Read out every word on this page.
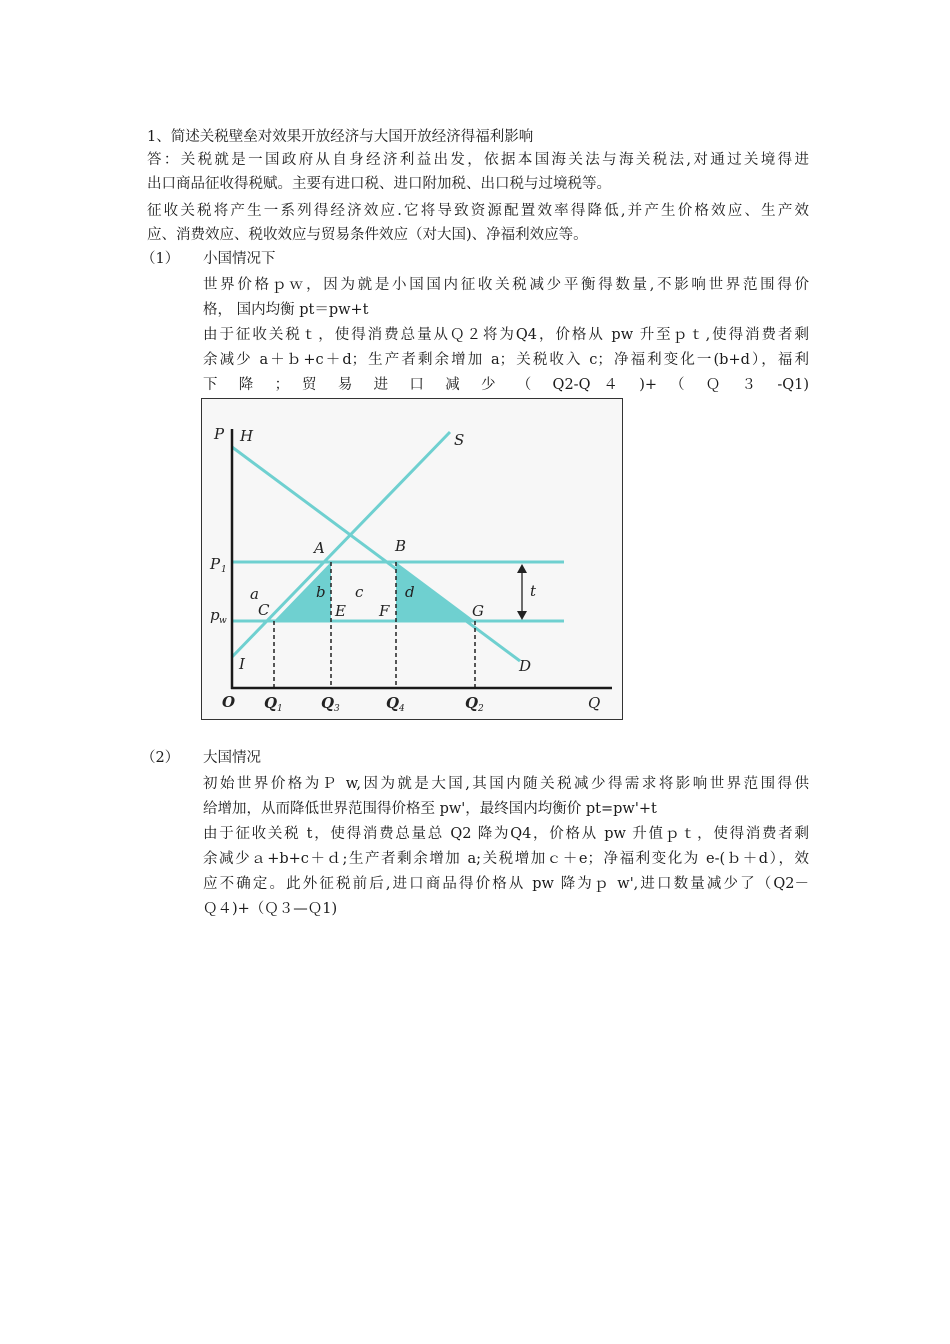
1、简述关税壁垒对效果开放经济与大国开放经济得福利影响
答：关税就是一国政府从自身经济利益出发，依据本国海关法与海关税法,对通过关境得进
出口商品征收得税赋。主要有进口税、进口附加税、出口税与过境税等。
征收关税将产生一系列得经济效应.它将导致资源配置效率得降低,并产生价格效应、生产效
应、消费效应、税收效应与贸易条件效应（对大国)、净福利效应等。
（1） 小国情况下
世界价格ｐｗ，因为就是小国国内征收关税减少平衡得数量,不影响世界范围得价
格， 国内均衡 pt＝pw+t
由于征收关税ｔ，使得消费总量从Ｑ２将为Q4，价格从 pw 升至ｐｔ,使得消费者剩
余减少 a＋ｂ+c＋d；生产者剩余增加 a；关税收入 c；净福利变化一(b+d），福利
下 降 ； 贸 易 进 口 减 少 （ Q2-Q ４ )+ （ Ｑ ３ -Q1)
P H	S
A	B
P 1
p w
a	b c	d
C	E F	G
t
I	D
O Q 1	Q 3	Q 4	Q 2	Q
（2） 大国情况
初始世界价格为Ｐ w,因为就是大国,其国内随关税减少得需求将影响世界范围得供
给增加，从而降低世界范围得价格至 pw'，最终国内均衡价 pt=pw'+t
由于征收关税 t，使得消费总量总 Q2 降为Q4，价格从 pw 升值ｐｔ，使得消费者剩
余减少ａ+b+c＋ｄ;生产者剩余增加 a;关税增加ｃ＋e；净福利变化为 e-(ｂ＋d），效
应不确定。此外征税前后,进口商品得价格从 pw 降为ｐ w',进口数量减少了（Q2－
Ｑ４)+（Ｑ３—Ｑ1)
